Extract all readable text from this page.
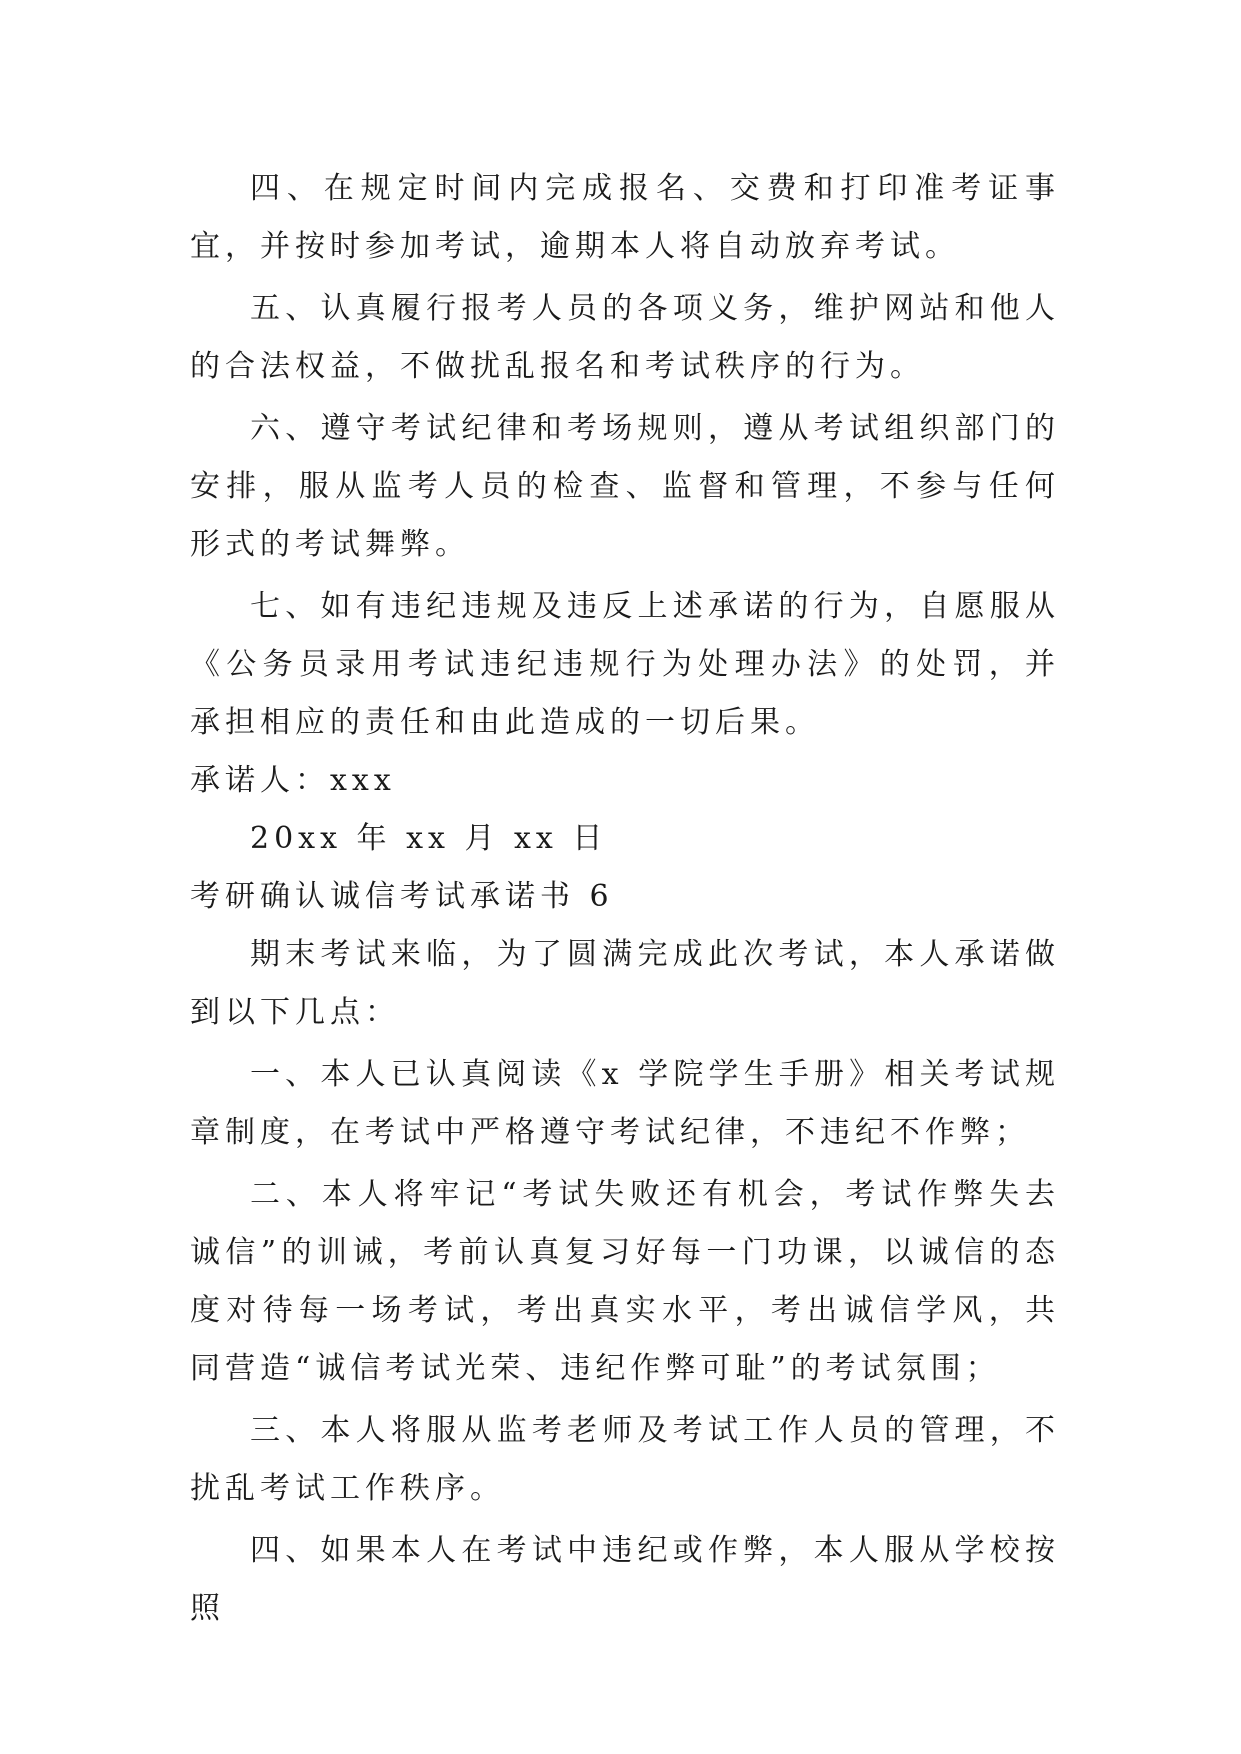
四、在规定时间内完成报名、交费和打印准考证事宜，并按时参加考试，逾期本人将自动放弃考试。

五、认真履行报考人员的各项义务，维护网站和他人的合法权益，不做扰乱报名和考试秩序的行为。

六、遵守考试纪律和考场规则，遵从考试组织部门的安排，服从监考人员的检查、监督和管理，不参与任何形式的考试舞弊。

七、如有违纪违规及违反上述承诺的行为，自愿服从《公务员录用考试违纪违规行为处理办法》的处罚，并承担相应的责任和由此造成的一切后果。

承诺人：xxx

20xx 年 xx 月 xx 日

考研确认诚信考试承诺书 6

期末考试来临，为了圆满完成此次考试，本人承诺做到以下几点：

一、本人已认真阅读《x 学院学生手册》相关考试规章制度，在考试中严格遵守考试纪律，不违纪不作弊；

二、本人将牢记“考试失败还有机会，考试作弊失去诚信”的训诫，考前认真复习好每一门功课，以诚信的态度对待每一场考试，考出真实水平，考出诚信学风，共同营造“诚信考试光荣、违纪作弊可耻”的考试氛围；

三、本人将服从监考老师及考试工作人员的管理，不扰乱考试工作秩序。

四、如果本人在考试中违纪或作弊，本人服从学校按照
